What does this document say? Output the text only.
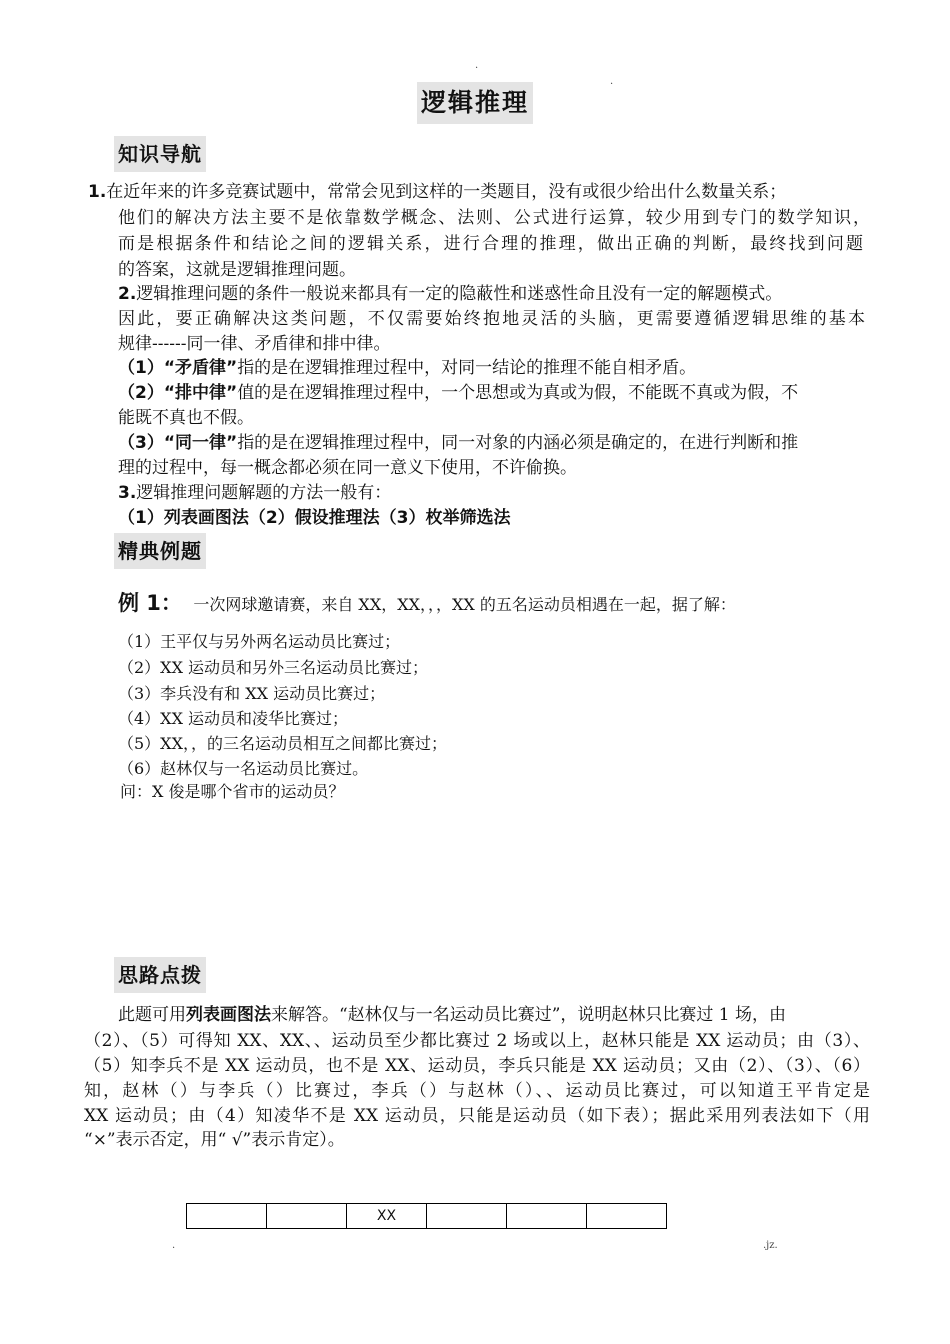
.
.
逻辑推理
知识导航
1.在近年来的许多竞赛试题中，常常会见到这样的一类题目，没有或很少给出什么数量关系；
他们的解决方法主要不是依靠数学概念、法则、公式进行运算，较少用到专门的数学知识，
而是根据条件和结论之间的逻辑关系，进行合理的推理，做出正确的判断，最终找到问题
的答案，这就是逻辑推理问题。
2.逻辑推理问题的条件一般说来都具有一定的隐蔽性和迷惑性命且没有一定的解题模式。
因此，要正确解决这类问题，不仅需要始终抱地灵活的头脑，更需要遵循逻辑思维的基本
规律------同一律、矛盾律和排中律。
（1）“矛盾律”指的是在逻辑推理过程中，对同一结论的推理不能自相矛盾。
（2）“排中律”值的是在逻辑推理过程中，一个思想或为真或为假，不能既不真或为假，不
能既不真也不假。
（3）“同一律”指的是在逻辑推理过程中，同一对象的内涵必须是确定的，在进行判断和推
理的过程中，每一概念都必须在同一意义下使用，不许偷换。
3.逻辑推理问题解题的方法一般有：
（1）列表画图法（2）假设推理法（3）枚举筛选法
精典例题
例 1： 一次网球邀请赛，来自 XX，XX，，，XX 的五名运动员相遇在一起，据了解：
（1）王平仅与另外两名运动员比赛过；
（2）XX 运动员和另外三名运动员比赛过；
（3）李兵没有和 XX 运动员比赛过；
（4）XX 运动员和凌华比赛过；
（5）XX，，的三名运动员相互之间都比赛过；
（6）赵林仅与一名运动员比赛过。
问：X 俊是哪个省市的运动员？
思路点拨
此题可用列表画图法来解答。“赵林仅与一名运动员比赛过”，说明赵林只比赛过 1 场，由
（2）、（5）可得知 XX、XX、、运动员至少都比赛过 2 场或以上，赵林只能是 XX 运动员；由（3）、
（5）知李兵不是 XX 运动员，也不是 XX、运动员，李兵只能是 XX 运动员；又由（2）、（3）、（6）
知，赵林（）与李兵（）比赛过，李兵（）与赵林（）、、运动员比赛过，可以知道王平肯定是
XX 运动员；由（4）知凌华不是 XX 运动员，只能是运动员（如下表）；据此采用列表法如下（用
“×”表示否定，用“ √”表示肯定）。
		XX			
.	.jz.
